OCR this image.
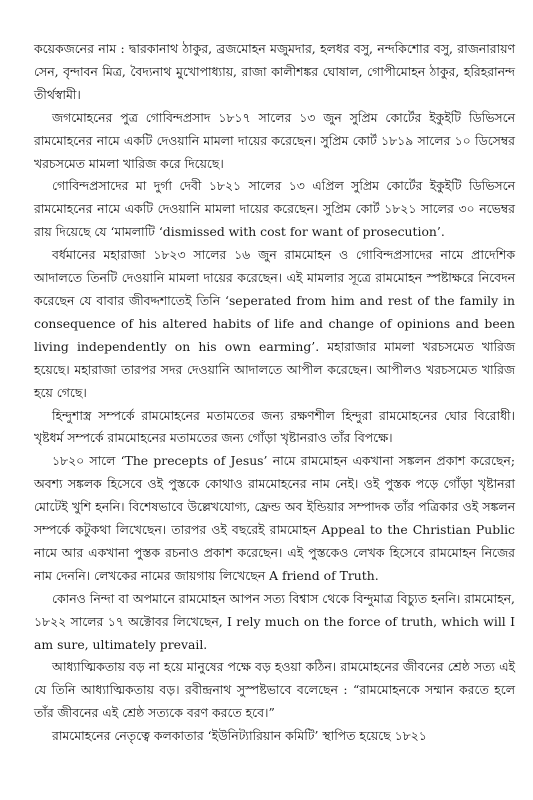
কয়েকজনের নাম : দ্বারকানাথ ঠাকুর, ব্রজমোহন মজুমদার, হলধর বসু, নন্দকিশোর বসু, রাজনারায়ণ সেন, বৃন্দাবন মিত্র, বৈদ্যনাথ মুখোপাধ্যায়, রাজা কালীশঙ্কর ঘোষাল, গোপীমোহন ঠাকুর, হরিহরানন্দ তীর্থস্বামী।

জগমোহনের পুত্র গোবিন্দপ্রসাদ ১৮১৭ সালের ১৩ জুন সুপ্রিম কোর্টের ইকুইটি ডিভিসনে রামমোহনের নামে একটি দেওয়ানি মামলা দায়ের করেছেন। সুপ্রিম কোর্ট ১৮১৯ সালের ১০ ডিসেম্বর খরচসমেত মামলা খারিজ করে দিয়েছে।

গোবিন্দপ্রসাদের মা দুর্গা দেবী ১৮২১ সালের ১৩ এপ্রিল সুপ্রিম কোর্টের ইকুইটি ডিভিসনে রামমোহনের নামে একটি দেওয়ানি মামলা দায়ের করেছেন। সুপ্রিম কোর্ট ১৮২১ সালের ৩০ নভেম্বর রায় দিয়েছে যে ‘মামলাটি ‘dismissed with cost for want of prosecution’.

বর্ধমানের মহারাজা ১৮২৩ সালের ১৬ জুন রামমোহন ও গোবিন্দপ্রসাদের নামে প্রাদেশিক আদালতে তিনটি দেওয়ানি মামলা দায়ের করেছেন। এই মামলার সূত্রে রামমোহন স্পষ্টাক্ষরে নিবেদন করেছেন যে বাবার জীবদ্দশাতেই তিনি ‘seperated from him and rest of the family in consequence of his altered habits of life and change of opinions and been living independently on his own earming’. মহারাজার মামলা খরচসমেত খারিজ হয়েছে। মহারাজা তারপর সদর দেওয়ানি আদালতে আপীল করেছেন। আপীলও খরচসমেত খারিজ হয়ে গেছে।

হিন্দুশাস্ত্র সম্পর্কে রামমোহনের মতামতের জন্য রক্ষণশীল হিন্দুরা রামমোহনের ঘোর বিরোধী। খৃষ্টধর্ম সম্পর্কে রামমোহনের মতামতের জন্য গোঁড়া খৃষ্টানরাও তাঁর বিপক্ষে।

১৮২০ সালে ‘The precepts of Jesus’ নামে রামমোহন একখানা সঙ্কলন প্রকাশ করেছেন; অবশ্য সঙ্কলক হিসেবে ওই পুস্তকে কোথাও রামমোহনের নাম নেই। ওই পুস্তক পড়ে গোঁড়া খৃষ্টানরা মোটেই খুশি হননি। বিশেষভাবে উল্লেখযোগ্য, ফ্রেন্ড অব ইন্ডিয়ার সম্পাদক তাঁর পত্রিকার ওই সঙ্কলন সম্পর্কে কটুকথা লিখেছেন। তারপর ওই বছরেই রামমোহন Appeal to the Christian Public নামে আর একখানা পুস্তক রচনাও প্রকাশ করেছেন। এই পুস্তকেও লেখক হিসেবে রামমোহন নিজের নাম দেননি। লেখকের নামের জায়গায় লিখেছেন A friend of Truth.

কোনও নিন্দা বা অপমানে রামমোহন আপন সত্য বিশ্বাস থেকে বিন্দুমাত্র বিচ্যুত হননি। রামমোহন, ১৮২২ সালের ১৭ অক্টোবর লিখেছেন, I rely much on the force of truth, which will I am sure, ultimately prevail.

আধ্যাত্মিকতায় বড় না হয়ে মানুষের পক্ষে বড় হওয়া কঠিন। রামমোহনের জীবনের শ্রেষ্ঠ সত্য এই যে তিনি আধ্যাত্মিকতায় বড়। রবীন্দ্রনাথ সুস্পষ্টভাবে বলেছেন : “রামমোহনকে সম্মান করতে হলে তাঁর জীবনের এই শ্রেষ্ঠ সত্যকে বরণ করতে হবে।”

রামমোহনের নেতৃত্বে কলকাতার ‘ইউনিট্যারিয়ান কমিটি’ স্থাপিত হয়েছে ১৮২১
